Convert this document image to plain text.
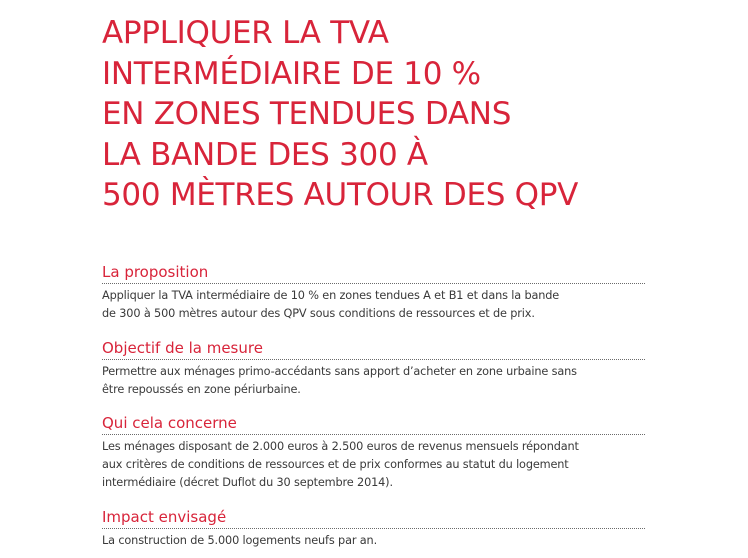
APPLIQUER LA TVA
INTERMÉDIAIRE DE 10 %
EN ZONES TENDUES DANS
LA BANDE DES 300 À
500 MÈTRES AUTOUR DES QPV
La proposition

Appliquer la TVA intermédiaire de 10 % en zones tendues A et B1 et dans la bande
de 300 à 500 mètres autour des QPV sous conditions de ressources et de prix.

Objectif de la mesure

Permettre aux ménages primo-accédants sans apport d’acheter en zone urbaine sans
être repoussés en zone périurbaine.

Qui cela concerne

Les ménages disposant de 2.000 euros à 2.500 euros de revenus mensuels répondant
aux critères de conditions de ressources et de prix conformes au statut du logement
intermédiaire (décret Duflot du 30 septembre 2014).

Impact envisagé

La construction de 5.000 logements neufs par an.
